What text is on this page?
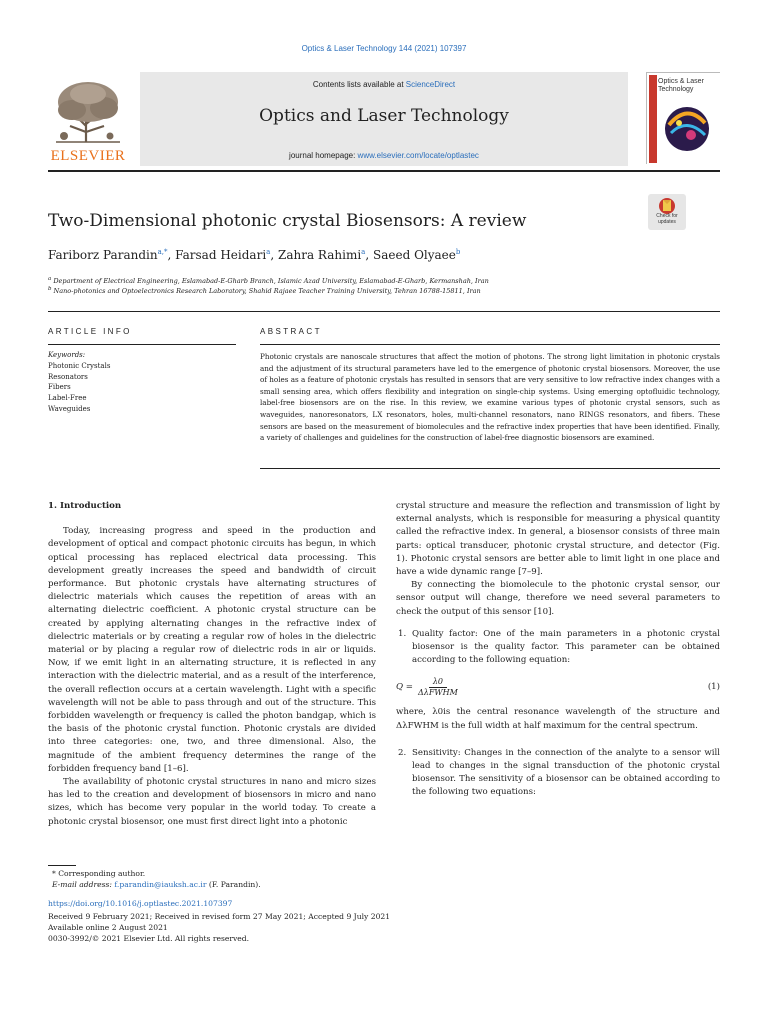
Optics & Laser Technology 144 (2021) 107397
Contents lists available at ScienceDirect
Optics and Laser Technology
journal homepage: www.elsevier.com/locate/optlastec
ELSEVIER
Optics & Laser Technology
Two-Dimensional photonic crystal Biosensors: A review	Check for updates
Fariborz Parandin$^{a,*}$, Farsad Heidari$^a$, Zahra Rahimi$^a$, Saeed Olyaee$^b$
$^a$ Department of Electrical Engineering, Eslamabad-E-Gharb Branch, Islamic Azad University, Eslamabad-E-Gharb, Kermanshah, Iran
$^b$ Nano-photonics and Optoelectronics Research Laboratory, Shahid Rajaee Teacher Training University, Tehran 16788-15811, Iran
ARTICLE INFO	ABSTRACT
Keywords:
Photonic Crystals
Resonators
Fibers
Label-Free
Waveguides
Photonic crystals are nanoscale structures that affect the motion of photons. The strong light limitation in photonic crystals and the adjustment of its structural parameters have led to the emergence of photonic crystal biosensors. Moreover, the use of holes as a feature of photonic crystals has resulted in sensors that are very sensitive to low refractive index changes with a small sensing area, which offers flexibility and integration on single-chip systems. Using emerging optofluidic technology, label-free biosensors are on the rise. In this review, we examine various types of photonic crystal sensors, such as waveguides, nanoresonators, LX resonators, holes, multi-channel resonators, nano RINGS resonators, and fibers. These sensors are based on the measurement of biomolecules and the refractive index properties that have been identified. Finally, a variety of challenges and guidelines for the construction of label-free diagnostic biosensors are examined.
1. Introduction

Today, increasing progress and speed in the production and development of optical and compact photonic circuits has begun, in which optical processing has replaced electrical data processing. This development greatly increases the speed and bandwidth of circuit performance. But photonic crystals have alternating structures of dielectric materials which causes the repetition of areas with an alternating dielectric coefficient. A photonic crystal structure can be created by applying alternating changes in the refractive index of dielectric materials or by creating a regular row of holes in the dielectric material or by placing a regular row of dielectric rods in air or liquids. Now, if we emit light in an alternating structure, it is reflected in any interaction with the dielectric material, and as a result of the interference, the overall reflection occurs at a certain wavelength. Light with a specific wavelength will not be able to pass through and out of the structure. This forbidden wavelength or frequency is called the photon bandgap, which is the basis of the photonic crystal function. Photonic crystals are divided into three categories: one, two, and three dimensional. Also, the magnitude of the ambient frequency determines the range of the forbidden frequency band [1–6].

The availability of photonic crystal structures in nano and micro sizes has led to the creation and development of biosensors in micro and nano sizes, which has become very popular in the world today. To create a photonic crystal biosensor, one must first direct light into a photonic

crystal structure and measure the reflection and transmission of light by external analysts, which is responsible for measuring a physical quantity called the refractive index. In general, a biosensor consists of three main parts: optical transducer, photonic crystal structure, and detector (Fig. 1). Photonic crystal sensors are better able to limit light in one place and have a wide dynamic range [7–9].

By connecting the biomolecule to the photonic crystal sensor, our sensor output will change, therefore we need several parameters to check the output of this sensor [10].

1. Quality factor: One of the main parameters in a photonic crystal biosensor is the quality factor. This parameter can be obtained according to the following equation:
$Q = \frac{\lambda 0}{\text{ΔλFWHM}}$	(1)

where, λ0is the central resonance wavelength of the structure and ΔλFWHM is the full width at half maximum for the central spectrum.

2. Sensitivity: Changes in the connection of the analyte to a sensor will lead to changes in the signal transduction of the photonic crystal biosensor. The sensitivity of a biosensor can be obtained according to the following two equations:
* Corresponding author.
E-mail address: f.parandin@iauksh.ac.ir (F. Parandin).
https://doi.org/10.1016/j.optlastec.2021.107397
Received 9 February 2021; Received in revised form 27 May 2021; Accepted 9 July 2021
Available online 2 August 2021
0030-3992/© 2021 Elsevier Ltd. All rights reserved.
